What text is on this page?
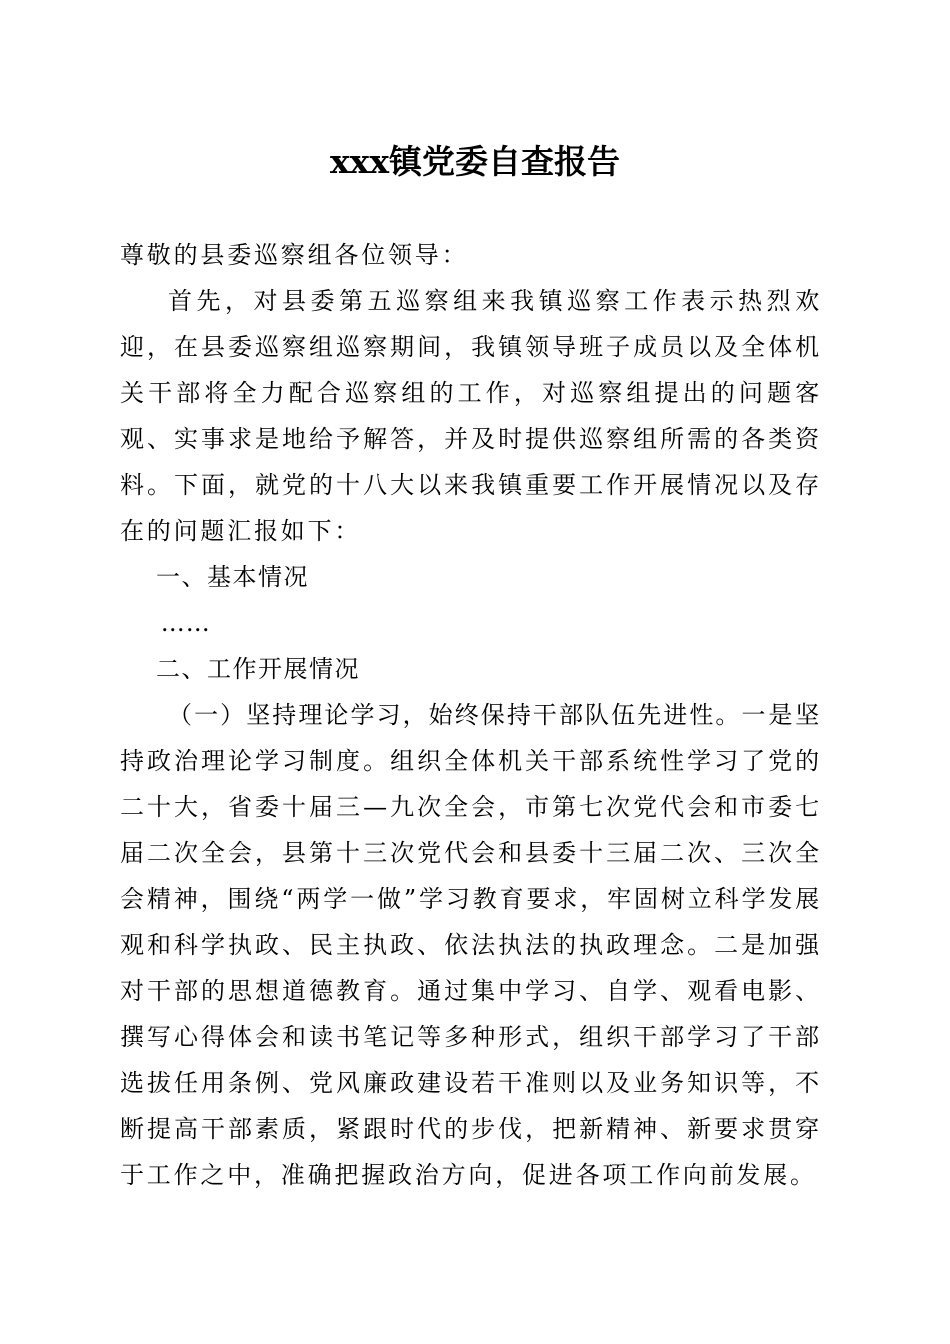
xxx镇党委自查报告

尊敬的县委巡察组各位领导：

首先，对县委第五巡察组来我镇巡察工作表示热烈欢迎，在县委巡察组巡察期间，我镇领导班子成员以及全体机关干部将全力配合巡察组的工作，对巡察组提出的问题客观、实事求是地给予解答，并及时提供巡察组所需的各类资料。下面，就党的十八大以来我镇重要工作开展情况以及存在的问题汇报如下：

一、基本情况

……

二、工作开展情况

（一）坚持理论学习，始终保持干部队伍先进性。一是坚持政治理论学习制度。组织全体机关干部系统性学习了党的二十大，省委十届三—九次全会，市第七次党代会和市委七届二次全会，县第十三次党代会和县委十三届二次、三次全会精神，围绕“两学一做”学习教育要求，牢固树立科学发展观和科学执政、民主执政、依法执法的执政理念。二是加强对干部的思想道德教育。通过集中学习、自学、观看电影、撰写心得体会和读书笔记等多种形式，组织干部学习了干部选拔任用条例、党风廉政建设若干准则以及业务知识等，不断提高干部素质，紧跟时代的步伐，把新精神、新要求贯穿于工作之中，准确把握政治方向，促进各项工作向前发展。
